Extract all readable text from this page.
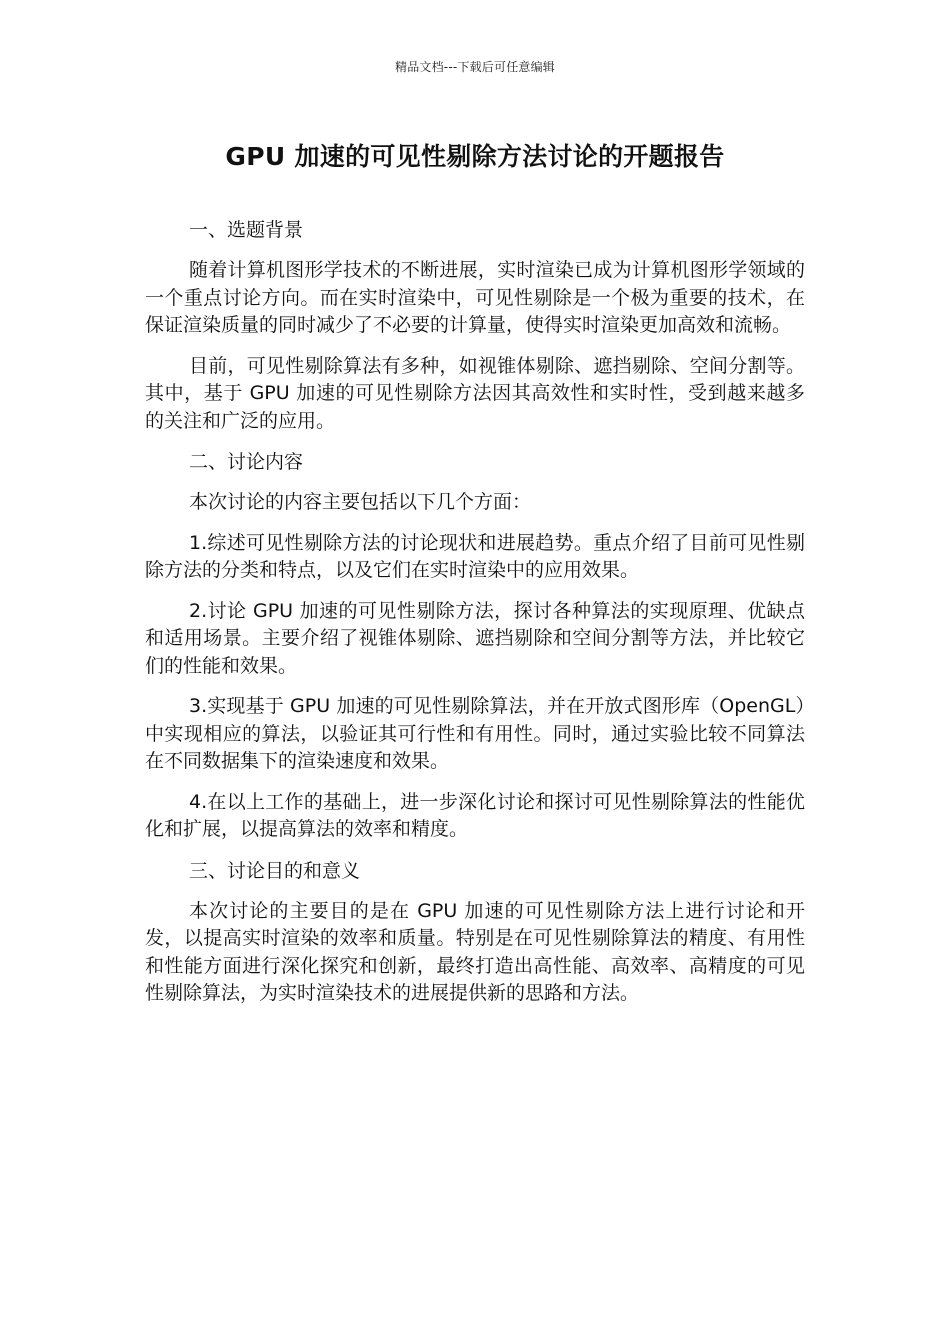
精品文档---下载后可任意编辑
GPU 加速的可见性剔除方法讨论的开题报告
一、选题背景

随着计算机图形学技术的不断进展，实时渲染已成为计算机图形学领域的一个重点讨论方向。而在实时渲染中，可见性剔除是一个极为重要的技术，在保证渲染质量的同时减少了不必要的计算量，使得实时渲染更加高效和流畅。

目前，可见性剔除算法有多种，如视锥体剔除、遮挡剔除、空间分割等。其中，基于 GPU 加速的可见性剔除方法因其高效性和实时性，受到越来越多的关注和广泛的应用。

二、讨论内容

本次讨论的内容主要包括以下几个方面：

1.综述可见性剔除方法的讨论现状和进展趋势。重点介绍了目前可见性剔除方法的分类和特点，以及它们在实时渲染中的应用效果。

2.讨论 GPU 加速的可见性剔除方法，探讨各种算法的实现原理、优缺点和适用场景。主要介绍了视锥体剔除、遮挡剔除和空间分割等方法，并比较它们的性能和效果。

3.实现基于 GPU 加速的可见性剔除算法，并在开放式图形库（OpenGL）中实现相应的算法，以验证其可行性和有用性。同时，通过实验比较不同算法在不同数据集下的渲染速度和效果。

4.在以上工作的基础上，进一步深化讨论和探讨可见性剔除算法的性能优化和扩展，以提高算法的效率和精度。

三、讨论目的和意义

本次讨论的主要目的是在 GPU 加速的可见性剔除方法上进行讨论和开发，以提高实时渲染的效率和质量。特别是在可见性剔除算法的精度、有用性和性能方面进行深化探究和创新，最终打造出高性能、高效率、高精度的可见性剔除算法，为实时渲染技术的进展提供新的思路和方法。
